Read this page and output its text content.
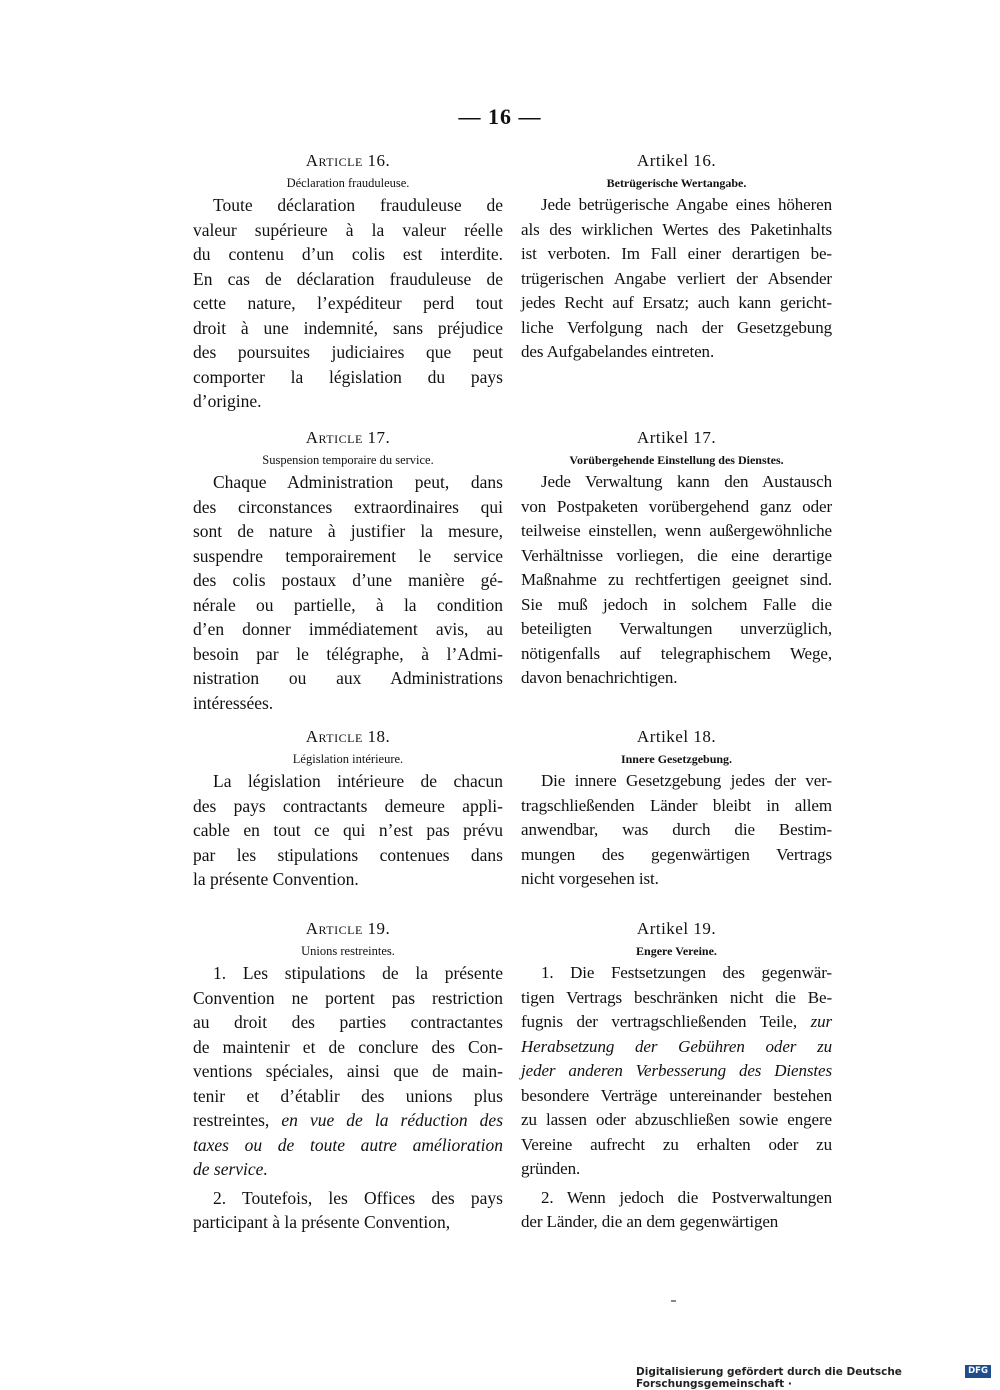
— 16 —
Article 16.
Déclaration frauduleuse.
Toute déclaration frauduleuse de
valeur supérieure à la valeur réelle
du contenu d’un colis est interdite.
En cas de déclaration frauduleuse de
cette nature, l’expéditeur perd tout
droit à une indemnité, sans préjudice
des poursuites judiciaires que peut
comporter la législation du pays
d’origine.
Article 17.
Suspension temporaire du service.
Chaque Administration peut, dans
des circonstances extraordinaires qui
sont de nature à justifier la mesure,
suspendre temporairement le service
des colis postaux d’une manière gé-
nérale ou partielle, à la condition
d’en donner immédiatement avis, au
besoin par le télégraphe, à l’Admi-
nistration ou aux Administrations
intéressées.
Article 18.
Législation intérieure.
La législation intérieure de chacun
des pays contractants demeure appli-
cable en tout ce qui n’est pas prévu
par les stipulations contenues dans
la présente Convention.
Article 19.
Unions restreintes.
1. Les stipulations de la présente
Convention ne portent pas restriction
au droit des parties contractantes
de maintenir et de conclure des Con-
ventions spéciales, ainsi que de main-
tenir et d’établir des unions plus
restreintes, en vue de la réduction des
taxes ou de toute autre amélioration
de service.
2. Toutefois, les Offices des pays
participant à la présente Convention,
Artikel 16.
Betrügerische Wertangabe.
Jede betrügerische Angabe eines höheren
als des wirklichen Wertes des Paketinhalts
ist verboten. Im Fall einer derartigen be-
trügerischen Angabe verliert der Absender
jedes Recht auf Ersatz; auch kann gericht-
liche Verfolgung nach der Gesetzgebung
des Aufgabelandes eintreten.
Artikel 17.
Vorübergehende Einstellung des Dienstes.
Jede Verwaltung kann den Austausch
von Postpaketen vorübergehend ganz oder
teilweise einstellen, wenn außergewöhnliche
Verhältnisse vorliegen, die eine derartige
Maßnahme zu rechtfertigen geeignet sind.
Sie muß jedoch in solchem Falle die
beteiligten Verwaltungen unverzüglich,
nötigenfalls auf telegraphischem Wege,
davon benachrichtigen.
Artikel 18.
Innere Gesetzgebung.
Die innere Gesetzgebung jedes der ver-
tragschließenden Länder bleibt in allem
anwendbar, was durch die Bestim-
mungen des gegenwärtigen Vertrags
nicht vorgesehen ist.
Artikel 19.
Engere Vereine.
1. Die Festsetzungen des gegenwär-
tigen Vertrags beschränken nicht die Be-
fugnis der vertragschließenden Teile, zur
Herabsetzung der Gebühren oder zu
jeder anderen Verbesserung des Dienstes
besondere Verträge untereinander bestehen
zu lassen oder abzuschließen sowie engere
Vereine aufrecht zu erhalten oder zu
gründen.
2. Wenn jedoch die Postverwaltungen
der Länder, die an dem gegenwärtigen
Digitalisierung gefördert durch die Deutsche Forschungsgemeinschaft ·
DFG
